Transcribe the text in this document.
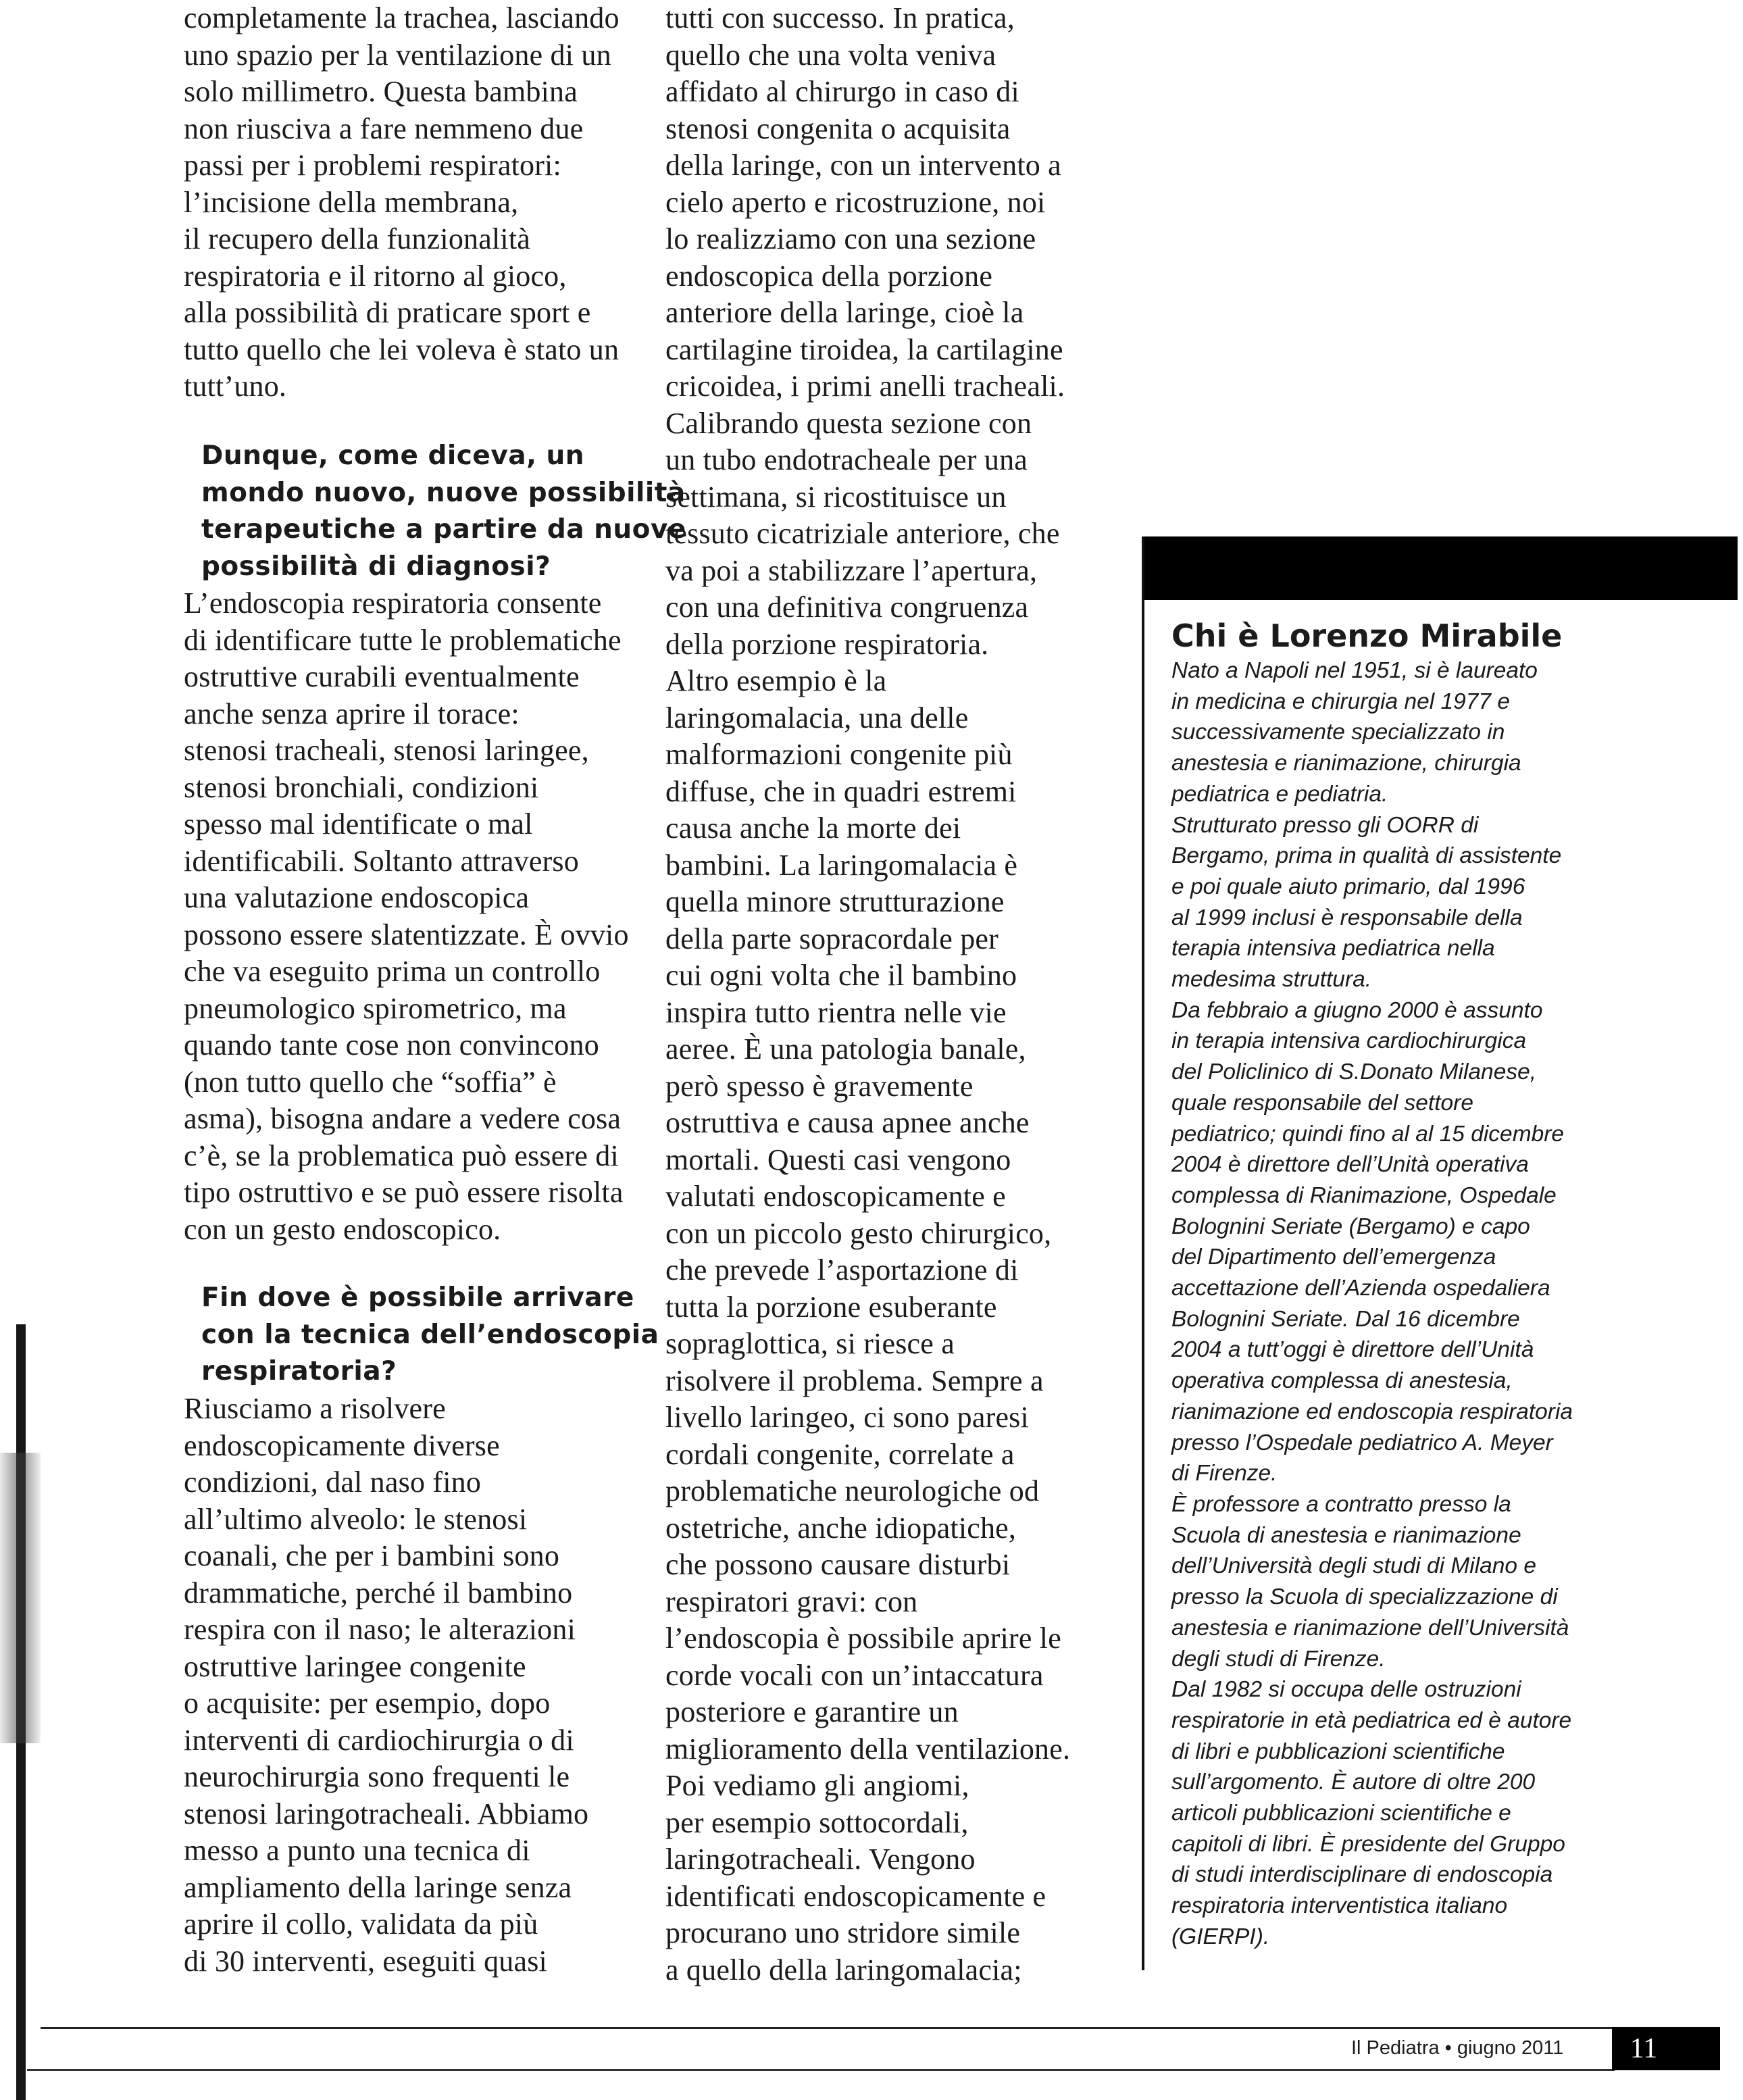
completamente la trachea, lasciando
uno spazio per la ventilazione di un
solo millimetro. Questa bambina
non riusciva a fare nemmeno due
passi per i problemi respiratori:
l’incisione della membrana,
il recupero della funzionalità
respiratoria e il ritorno al gioco,
alla possibilità di praticare sport e
tutto quello che lei voleva è stato un
tutt’uno.
Dunque, come diceva, un
mondo nuovo, nuove possibilità
terapeutiche a partire da nuove
possibilità di diagnosi?
L’endoscopia respiratoria consente
di identificare tutte le problematiche
ostruttive curabili eventualmente
anche senza aprire il torace:
stenosi tracheali, stenosi laringee,
stenosi bronchiali, condizioni
spesso mal identificate o mal
identificabili. Soltanto attraverso
una valutazione endoscopica
possono essere slatentizzate. È ovvio
che va eseguito prima un controllo
pneumologico spirometrico, ma
quando tante cose non convincono
(non tutto quello che “soffia” è
asma), bisogna andare a vedere cosa
c’è, se la problematica può essere di
tipo ostruttivo e se può essere risolta
con un gesto endoscopico.
Fin dove è possibile arrivare
con la tecnica dell’endoscopia
respiratoria?
Riusciamo a risolvere
endoscopicamente diverse
condizioni, dal naso fino
all’ultimo alveolo: le stenosi
coanali, che per i bambini sono
drammatiche, perché il bambino
respira con il naso; le alterazioni
ostruttive laringee congenite
o acquisite: per esempio, dopo
interventi di cardiochirurgia o di
neurochirurgia sono frequenti le
stenosi laringotracheali. Abbiamo
messo a punto una tecnica di
ampliamento della laringe senza
aprire il collo, validata da più
di 30 interventi, eseguiti quasi
tutti con successo. In pratica,
quello che una volta veniva
affidato al chirurgo in caso di
stenosi congenita o acquisita
della laringe, con un intervento a
cielo aperto e ricostruzione, noi
lo realizziamo con una sezione
endoscopica della porzione
anteriore della laringe, cioè la
cartilagine tiroidea, la cartilagine
cricoidea, i primi anelli tracheali.
Calibrando questa sezione con
un tubo endotracheale per una
settimana, si ricostituisce un
tessuto cicatriziale anteriore, che
va poi a stabilizzare l’apertura,
con una definitiva congruenza
della porzione respiratoria.
Altro esempio è la
laringomalacia, una delle
malformazioni congenite più
diffuse, che in quadri estremi
causa anche la morte dei
bambini. La laringomalacia è
quella minore strutturazione
della parte sopracordale per
cui ogni volta che il bambino
inspira tutto rientra nelle vie
aeree. È una patologia banale,
però spesso è gravemente
ostruttiva e causa apnee anche
mortali. Questi casi vengono
valutati endoscopicamente e
con un piccolo gesto chirurgico,
che prevede l’asportazione di
tutta la porzione esuberante
sopraglottica, si riesce a
risolvere il problema. Sempre a
livello laringeo, ci sono paresi
cordali congenite, correlate a
problematiche neurologiche od
ostetriche, anche idiopatiche,
che possono causare disturbi
respiratori gravi: con
l’endoscopia è possibile aprire le
corde vocali con un’intaccatura
posteriore e garantire un
miglioramento della ventilazione.
Poi vediamo gli angiomi,
per esempio sottocordali,
laringotracheali. Vengono
identificati endoscopicamente e
procurano uno stridore simile
a quello della laringomalacia;
Chi è Lorenzo Mirabile
Nato a Napoli nel 1951, si è laureato
in medicina e chirurgia nel 1977 e
successivamente specializzato in
anestesia e rianimazione, chirurgia
pediatrica e pediatria.
Strutturato presso gli OORR di
Bergamo, prima in qualità di assistente
e poi quale aiuto primario, dal 1996
al 1999 inclusi è responsabile della
terapia intensiva pediatrica nella
medesima struttura.
Da febbraio a giugno 2000 è assunto
in terapia intensiva cardiochirurgica
del Policlinico di S.Donato Milanese,
quale responsabile del settore
pediatrico; quindi fino al al 15 dicembre
2004 è direttore dell’Unità operativa
complessa di Rianimazione, Ospedale
Bolognini Seriate (Bergamo) e capo
del Dipartimento dell’emergenza
accettazione dell’Azienda ospedaliera
Bolognini Seriate. Dal 16 dicembre
2004 a tutt’oggi è direttore dell’Unità
operativa complessa di anestesia,
rianimazione ed endoscopia respiratoria
presso l’Ospedale pediatrico A. Meyer
di Firenze.
È professore a contratto presso la
Scuola di anestesia e rianimazione
dell’Università degli studi di Milano e
presso la Scuola di specializzazione di
anestesia e rianimazione dell’Università
degli studi di Firenze.
Dal 1982 si occupa delle ostruzioni
respiratorie in età pediatrica ed è autore
di libri e pubblicazioni scientifiche
sull’argomento. È autore di oltre 200
articoli pubblicazioni scientifiche e
capitoli di libri. È presidente del Gruppo
di studi interdisciplinare di endoscopia
respiratoria interventistica italiano
(GIERPI).
Il Pediatra • giugno 2011	11
